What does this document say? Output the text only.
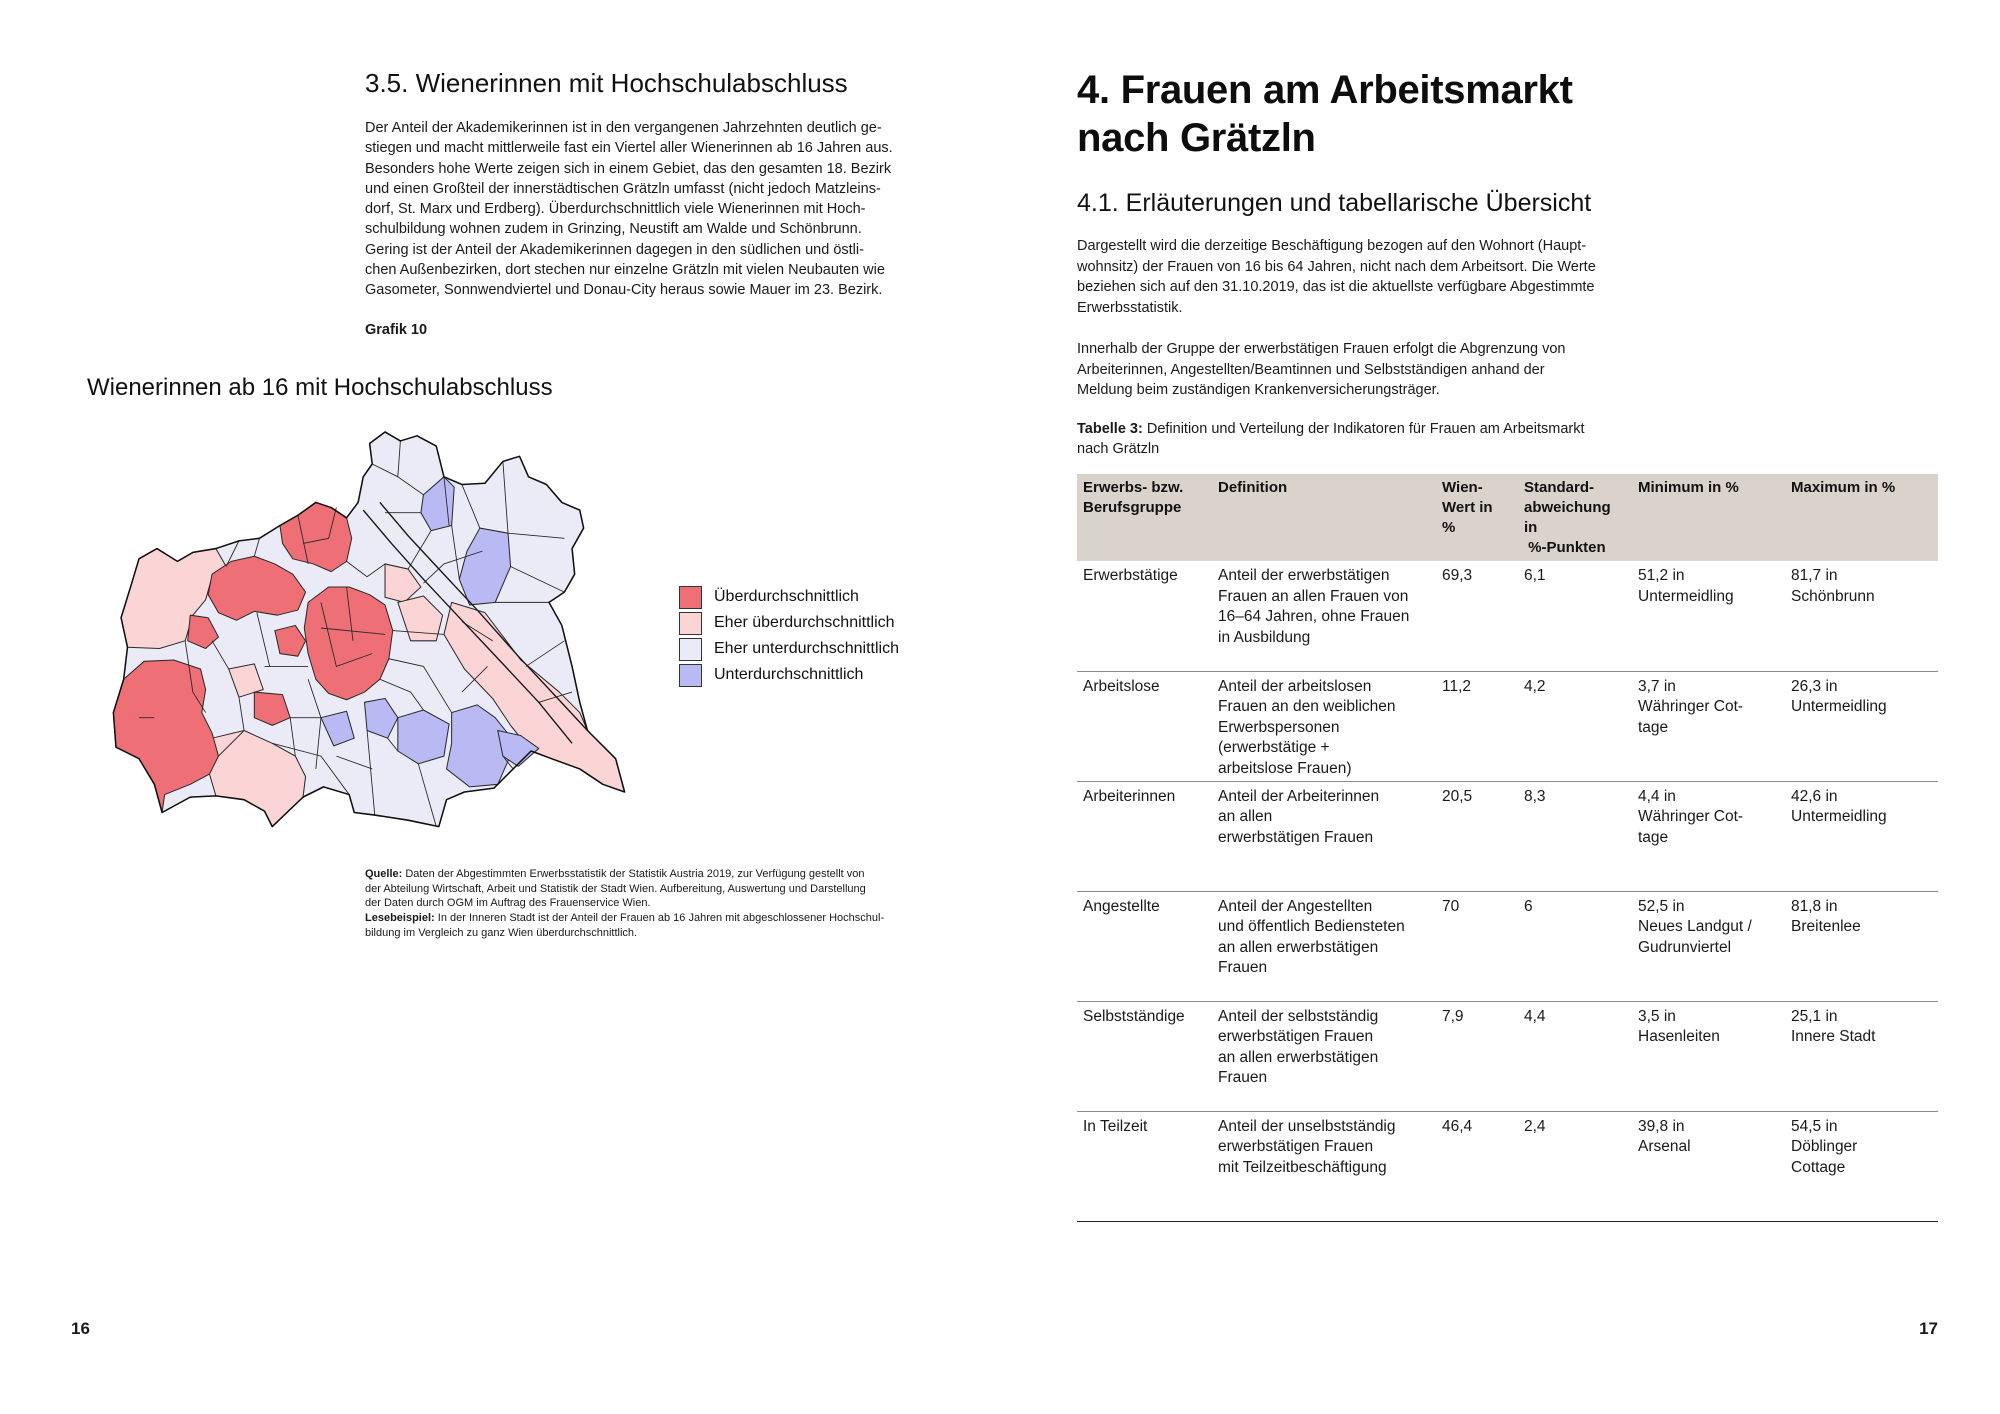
3.5. Wienerinnen mit Hochschulabschluss
Der Anteil der Akademikerinnen ist in den vergangenen Jahrzehnten deutlich ge-
stiegen und macht mittlerweile fast ein Viertel aller Wienerinnen ab 16 Jahren aus.
Besonders hohe Werte zeigen sich in einem Gebiet, das den gesamten 18. Bezirk
und einen Großteil der innerstädtischen Grätzln umfasst (nicht jedoch Matzleins-
dorf, St. Marx und Erdberg). Überdurchschnittlich viele Wienerinnen mit Hoch-
schulbildung wohnen zudem in Grinzing, Neustift am Walde und Schönbrunn.
Gering ist der Anteil der Akademikerinnen dagegen in den südlichen und östli-
chen Außenbezirken, dort stechen nur einzelne Grätzln mit vielen Neubauten wie
Gasometer, Sonnwendviertel und Donau-City heraus sowie Mauer im 23. Bezirk.
Grafik 10
Wienerinnen ab 16 mit Hochschulabschluss
Überdurchschnittlich
Eher überdurchschnittlich
Eher unterdurchschnittlich
Unterdurchschnittlich
Quelle: Daten der Abgestimmten Erwerbsstatistik der Statistik Austria 2019, zur Verfügung gestellt von
der Abteilung Wirtschaft, Arbeit und Statistik der Stadt Wien. Aufbereitung, Auswertung und Darstellung
der Daten durch OGM im Auftrag des Frauenservice Wien.
Lesebeispiel: In der Inneren Stadt ist der Anteil der Frauen ab 16 Jahren mit abgeschlossener Hochschul-
bildung im Vergleich zu ganz Wien überdurchschnittlich.
16
4. Frauen am Arbeitsmarkt
nach Grätzln
4.1. Erläuterungen und tabellarische Übersicht
Dargestellt wird die derzeitige Beschäftigung bezogen auf den Wohnort (Haupt-
wohnsitz) der Frauen von 16 bis 64 Jahren, nicht nach dem Arbeitsort. Die Werte
beziehen sich auf den 31.10.2019, das ist die aktuellste verfügbare Abgestimmte
Erwerbsstatistik.
Innerhalb der Gruppe der erwerbstätigen Frauen erfolgt die Abgrenzung von
Arbeiterinnen, Angestellten/Beamtinnen und Selbstständigen anhand der
Meldung beim zuständigen Krankenversicherungsträger.
Tabelle 3: Definition und Verteilung der Indikatoren für Frauen am Arbeitsmarkt
nach Grätzln
Erwerbs- bzw.
Berufsgruppe	Definition	Wien-
Wert in
%	Standard-
abweichung
in
%-Punkten	Minimum in %	Maximum in %
Erwerbstätige	Anteil der erwerbstätigen
Frauen an allen Frauen von
16–64 Jahren, ohne Frauen
in Ausbildung	69,3	6,1	51,2 in
Untermeidling	81,7 in
Schönbrunn
Arbeitslose	Anteil der arbeitslosen
Frauen an den weiblichen
Erwerbspersonen
(erwerbstätige +
arbeitslose Frauen)	11,2	4,2	3,7 in
Währinger Cot-
tage	26,3 in
Untermeidling
Arbeiterinnen	Anteil der Arbeiterinnen
an allen
erwerbstätigen Frauen	20,5	8,3	4,4 in
Währinger Cot-
tage	42,6 in
Untermeidling
Angestellte	Anteil der Angestellten
und öffentlich Bediensteten
an allen erwerbstätigen
Frauen	70	6	52,5 in
Neues Landgut /
Gudrunviertel	81,8 in
Breitenlee
Selbstständige	Anteil der selbstständig
erwerbstätigen Frauen
an allen erwerbstätigen
Frauen	7,9	4,4	3,5 in
Hasenleiten	25,1 in
Innere Stadt
In Teilzeit	Anteil der unselbstständig
erwerbstätigen Frauen
mit Teilzeitbeschäftigung	46,4	2,4	39,8 in
Arsenal	54,5 in
Döblinger
Cottage
17
